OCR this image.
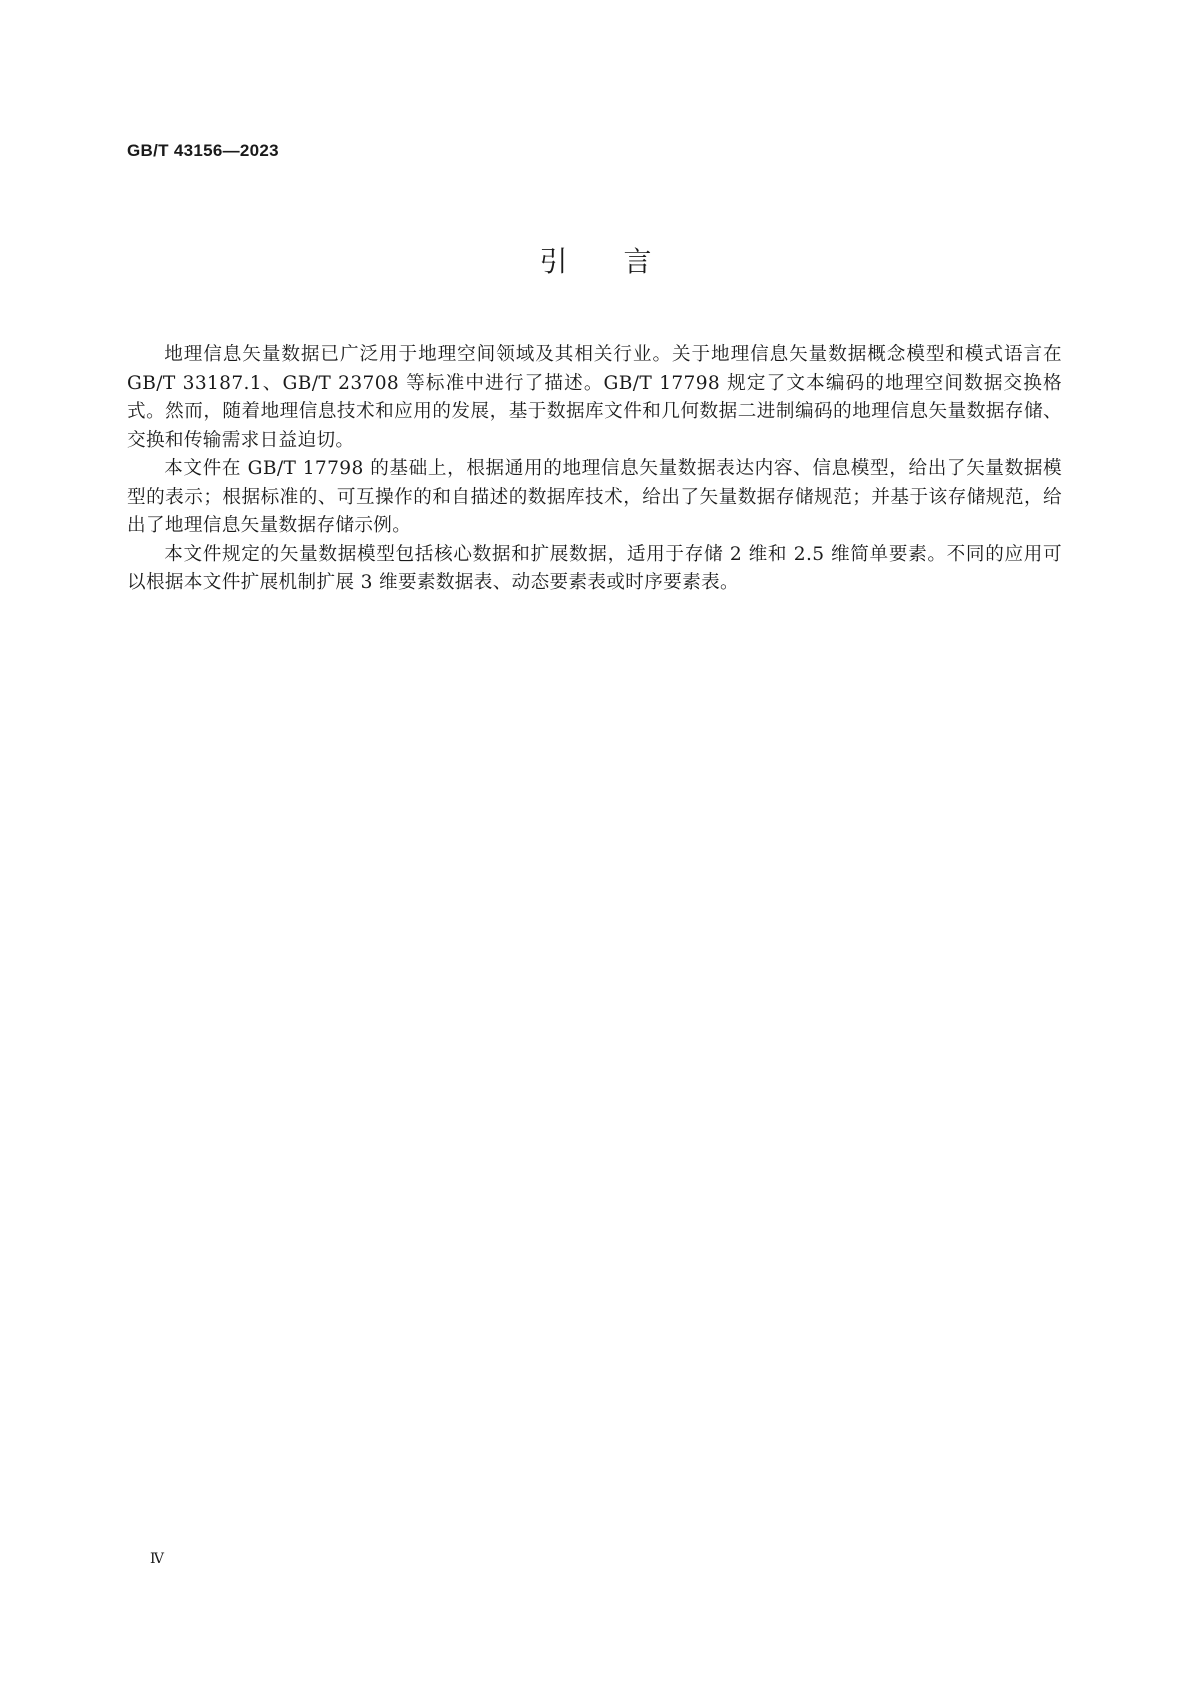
GB/T 43156—2023
引 言

地理信息矢量数据已广泛用于地理空间领域及其相关行业。关于地理信息矢量数据概念模型和模式语言在 GB/T 33187.1、GB/T 23708 等标准中进行了描述。GB/T 17798 规定了文本编码的地理空间数据交换格式。然而，随着地理信息技术和应用的发展，基于数据库文件和几何数据二进制编码的地理信息矢量数据存储、交换和传输需求日益迫切。

本文件在 GB/T 17798 的基础上，根据通用的地理信息矢量数据表达内容、信息模型，给出了矢量数据模型的表示；根据标准的、可互操作的和自描述的数据库技术，给出了矢量数据存储规范；并基于该存储规范，给出了地理信息矢量数据存储示例。

本文件规定的矢量数据模型包括核心数据和扩展数据，适用于存储 2 维和 2.5 维简单要素。不同的应用可以根据本文件扩展机制扩展 3 维要素数据表、动态要素表或时序要素表。

Ⅳ
